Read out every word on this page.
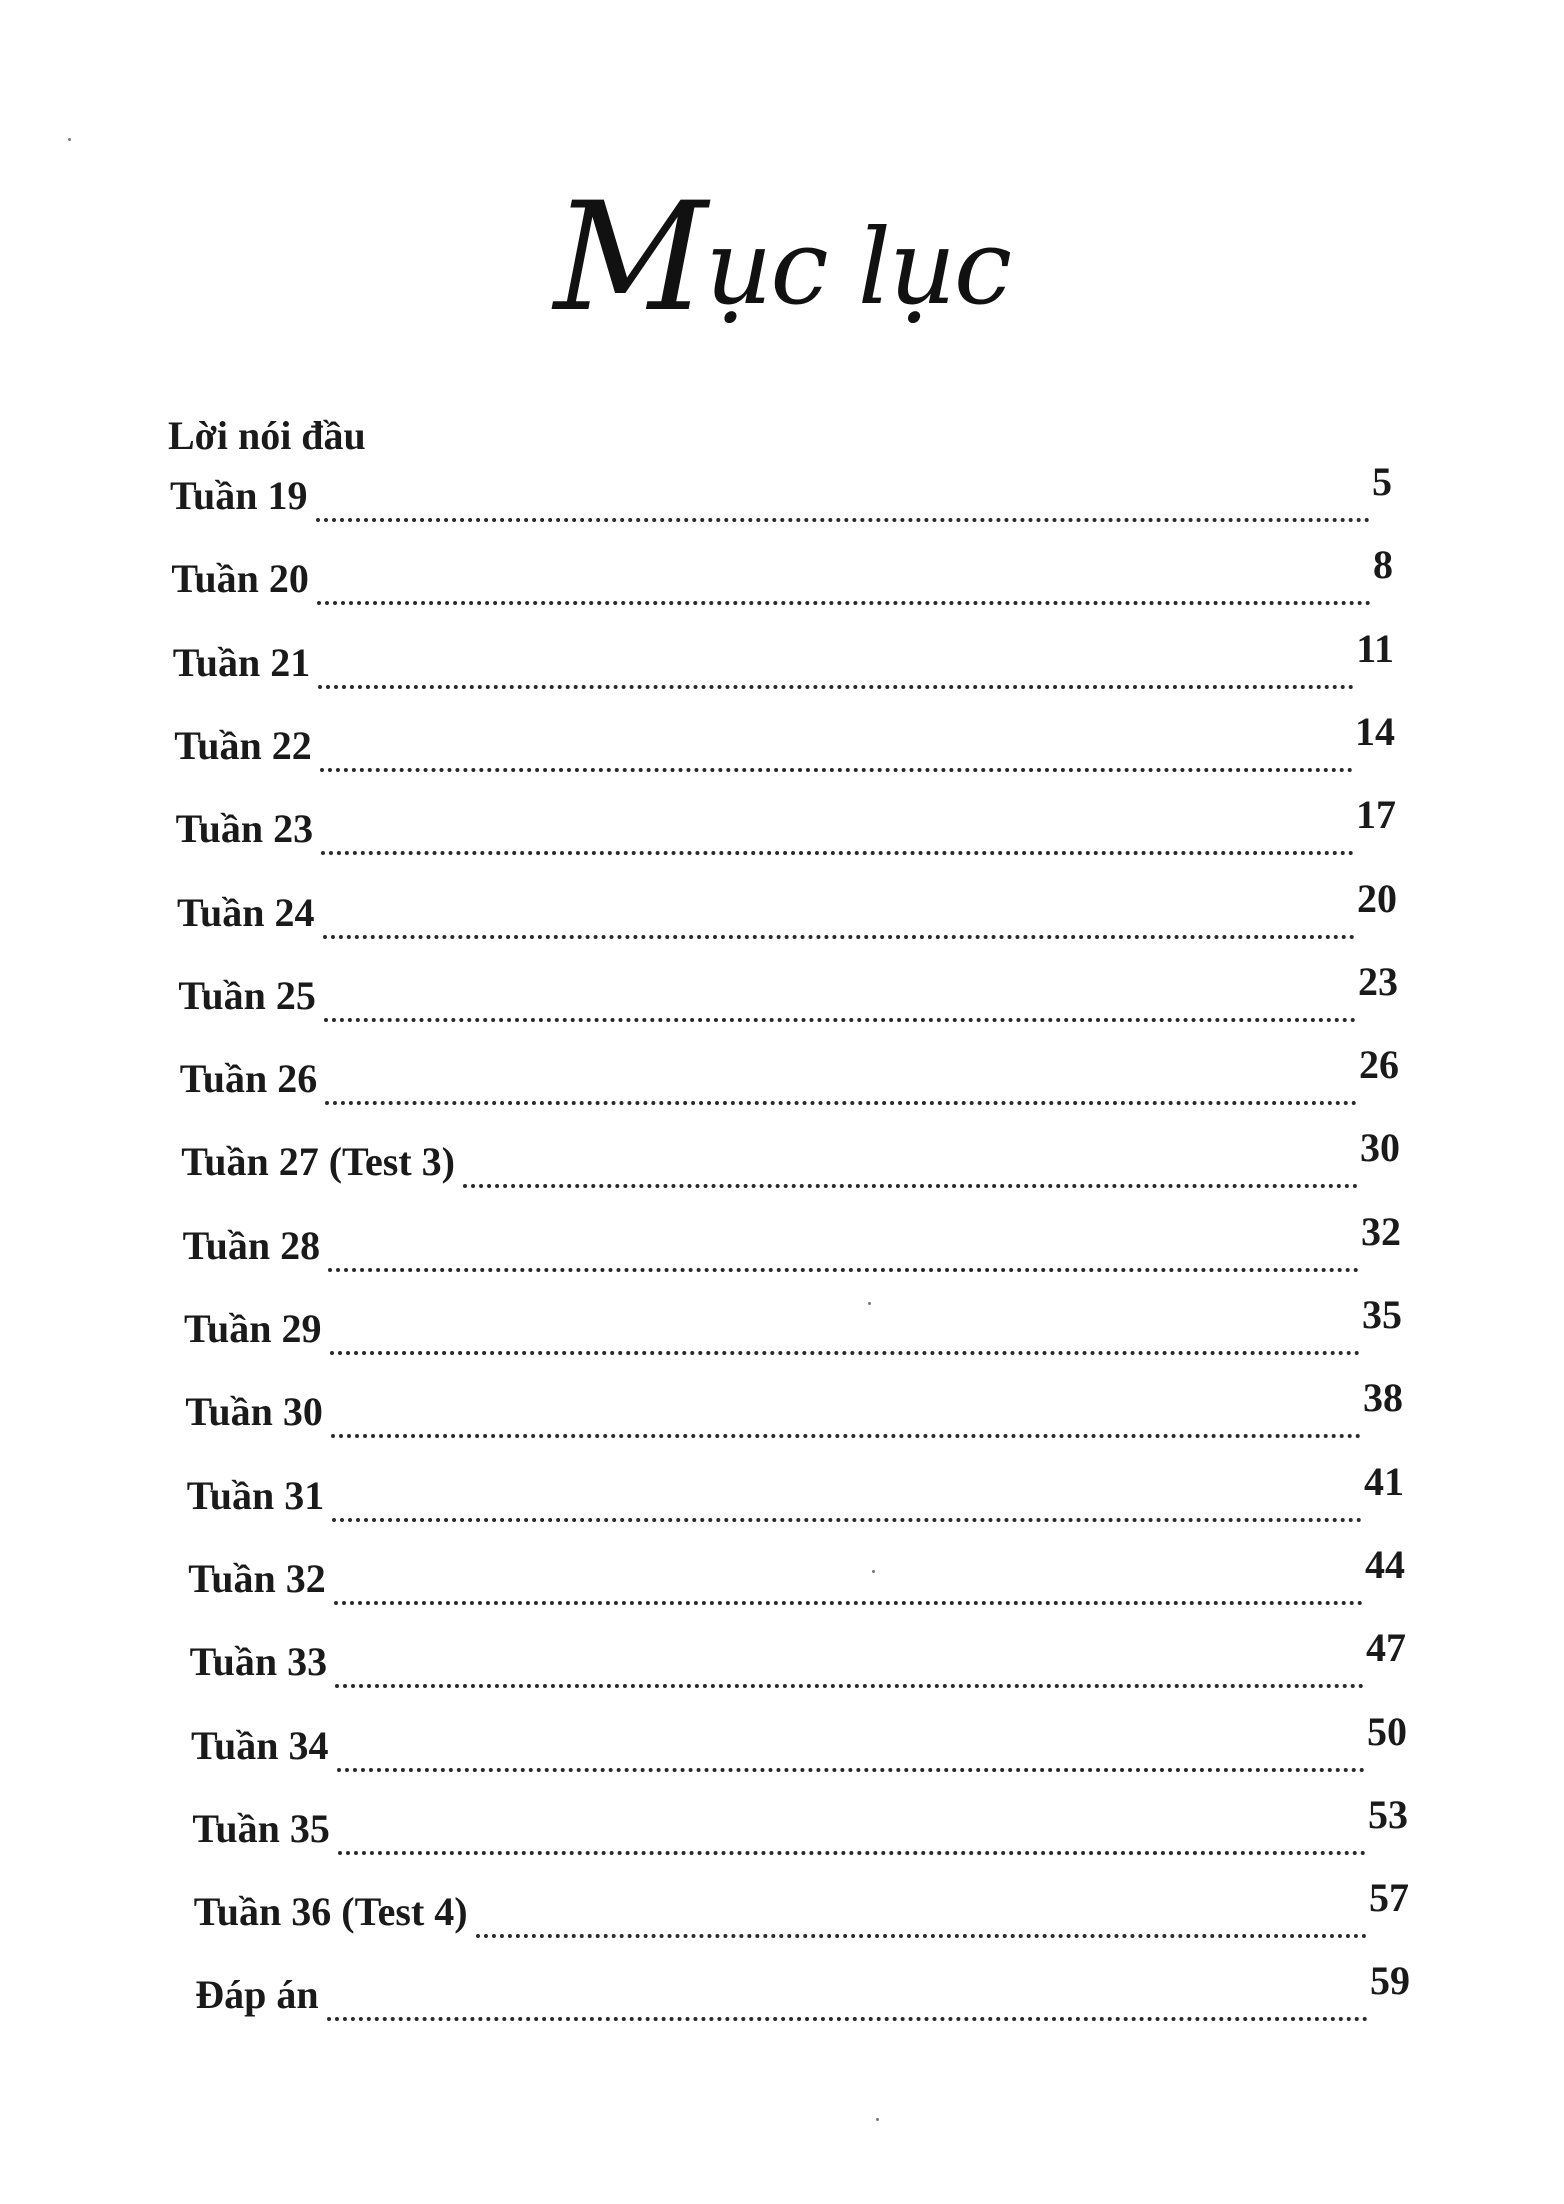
Mục lục
Lời nói đầu
Tuần 19	5
Tuần 20	8
Tuần 21	11
Tuần 22	14
Tuần 23	17
Tuần 24	20
Tuần 25	23
Tuần 26	26
Tuần 27 (Test 3)	30
Tuần 28	32
Tuần 29	35
Tuần 30	38
Tuần 31	41
Tuần 32	44
Tuần 33	47
Tuần 34	50
Tuần 35	53
Tuần 36 (Test 4)	57
Đáp án	59
